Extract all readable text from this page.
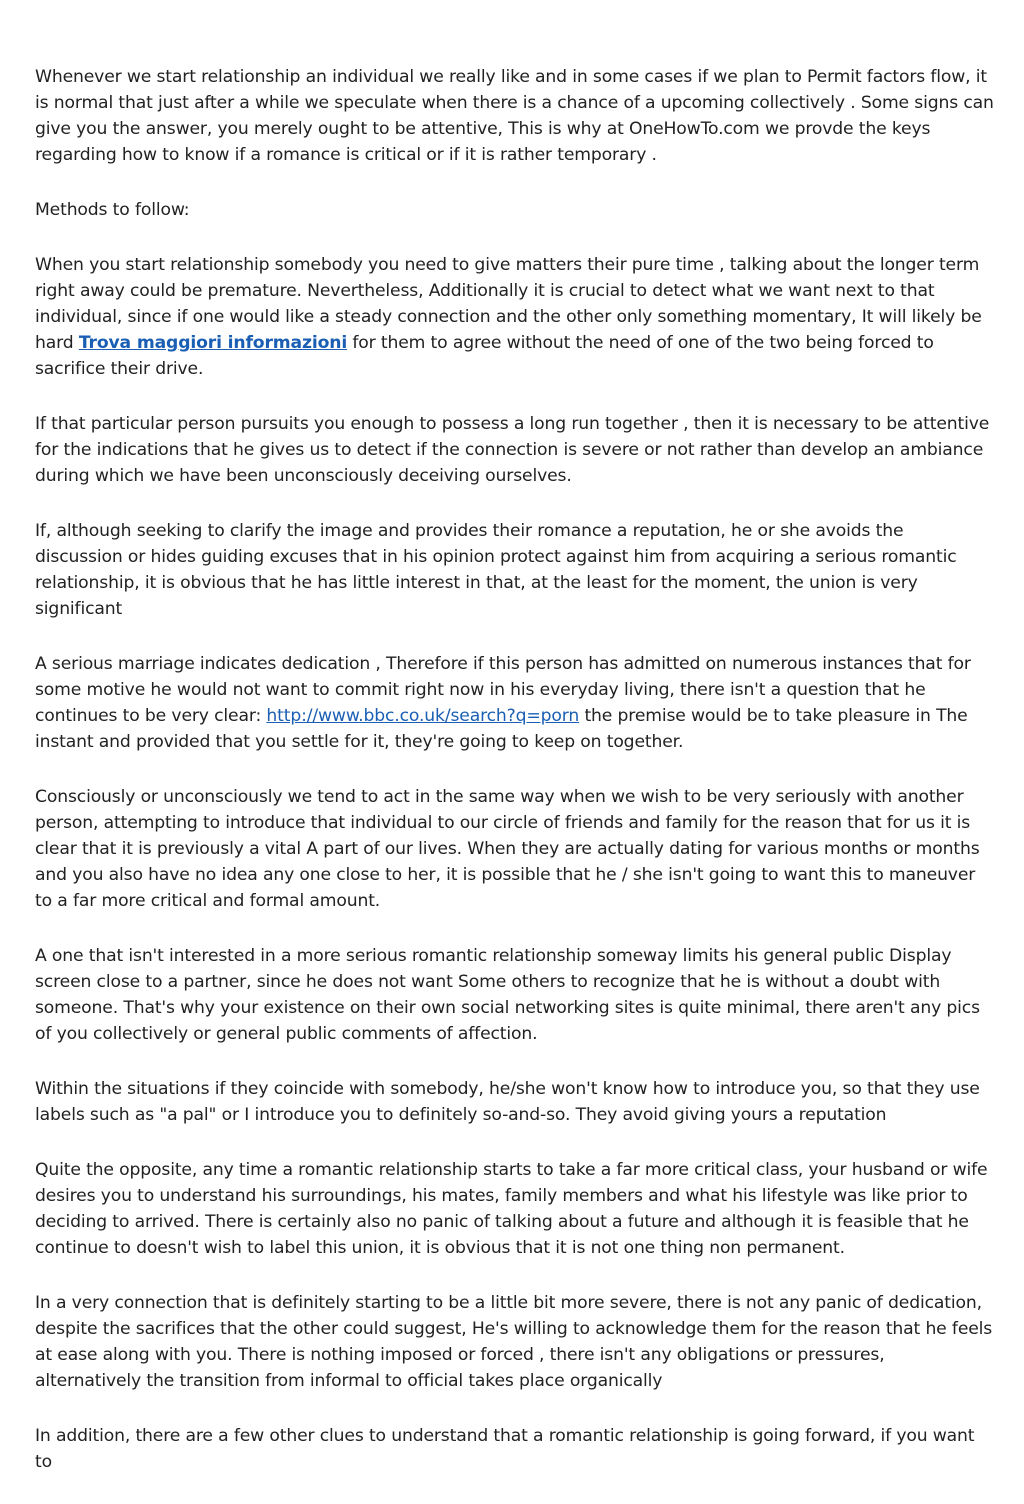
Whenever we start relationship an individual we really like and in some cases if we plan to Permit factors flow, it is normal that just after a while we speculate when there is a chance of a upcoming collectively . Some signs can give you the answer, you merely ought to be attentive, This is why at OneHowTo.com we provde the keys regarding how to know if a romance is critical or if it is rather temporary .

Methods to follow:

When you start relationship somebody you need to give matters their pure time , talking about the longer term right away could be premature. Nevertheless, Additionally it is crucial to detect what we want next to that individual, since if one would like a steady connection and the other only something momentary, It will likely be hard Trova maggiori informazioni for them to agree without the need of one of the two being forced to sacrifice their drive.

If that particular person pursuits you enough to possess a long run together , then it is necessary to be attentive for the indications that he gives us to detect if the connection is severe or not rather than develop an ambiance during which we have been unconsciously deceiving ourselves.

If, although seeking to clarify the image and provides their romance a reputation, he or she avoids the discussion or hides guiding excuses that in his opinion protect against him from acquiring a serious romantic relationship, it is obvious that he has little interest in that, at the least for the moment, the union is very significant

A serious marriage indicates dedication , Therefore if this person has admitted on numerous instances that for some motive he would not want to commit right now in his everyday living, there isn't a question that he continues to be very clear: http://www.bbc.co.uk/search?q=porn the premise would be to take pleasure in The instant and provided that you settle for it, they're going to keep on together.

Consciously or unconsciously we tend to act in the same way when we wish to be very seriously with another person, attempting to introduce that individual to our circle of friends and family for the reason that for us it is clear that it is previously a vital A part of our lives. When they are actually dating for various months or months and you also have no idea any one close to her, it is possible that he / she isn't going to want this to maneuver to a far more critical and formal amount.

A one that isn't interested in a more serious romantic relationship someway limits his general public Display screen close to a partner, since he does not want Some others to recognize that he is without a doubt with someone. That's why your existence on their own social networking sites is quite minimal, there aren't any pics of you collectively or general public comments of affection.

Within the situations if they coincide with somebody, he/she won't know how to introduce you, so that they use labels such as "a pal" or I introduce you to definitely so-and-so. They avoid giving yours a reputation

Quite the opposite, any time a romantic relationship starts to take a far more critical class, your husband or wife desires you to understand his surroundings, his mates, family members and what his lifestyle was like prior to deciding to arrived. There is certainly also no panic of talking about a future and although it is feasible that he continue to doesn't wish to label this union, it is obvious that it is not one thing non permanent.

In a very connection that is definitely starting to be a little bit more severe, there is not any panic of dedication, despite the sacrifices that the other could suggest, He's willing to acknowledge them for the reason that he feels at ease along with you. There is nothing imposed or forced , there isn't any obligations or pressures, alternatively the transition from informal to official takes place organically

In addition, there are a few other clues to understand that a romantic relationship is going forward, if you want to
